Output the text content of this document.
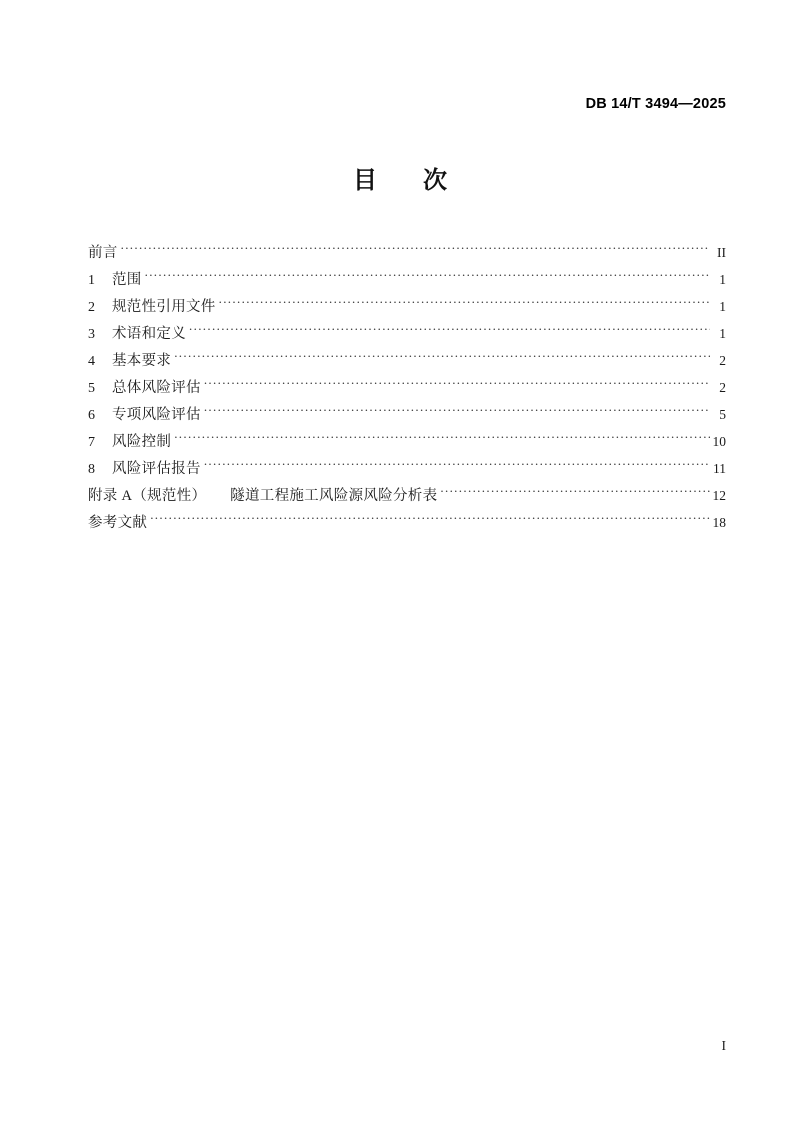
DB 14/T 3494—2025
目 次
前言 .....	II
1	范围 .....	1
2	规范性引用文件 .....	1
3	术语和定义 .....	1
4	基本要求 .....	2
5	总体风险评估 .....	2
6	专项风险评估 .....	5
7	风险控制 .....	10
8	风险评估报告 .....	11
附录 A（规范性） 隧道工程施工风险源风险分析表 .....	12
参考文献 .....	18
I
